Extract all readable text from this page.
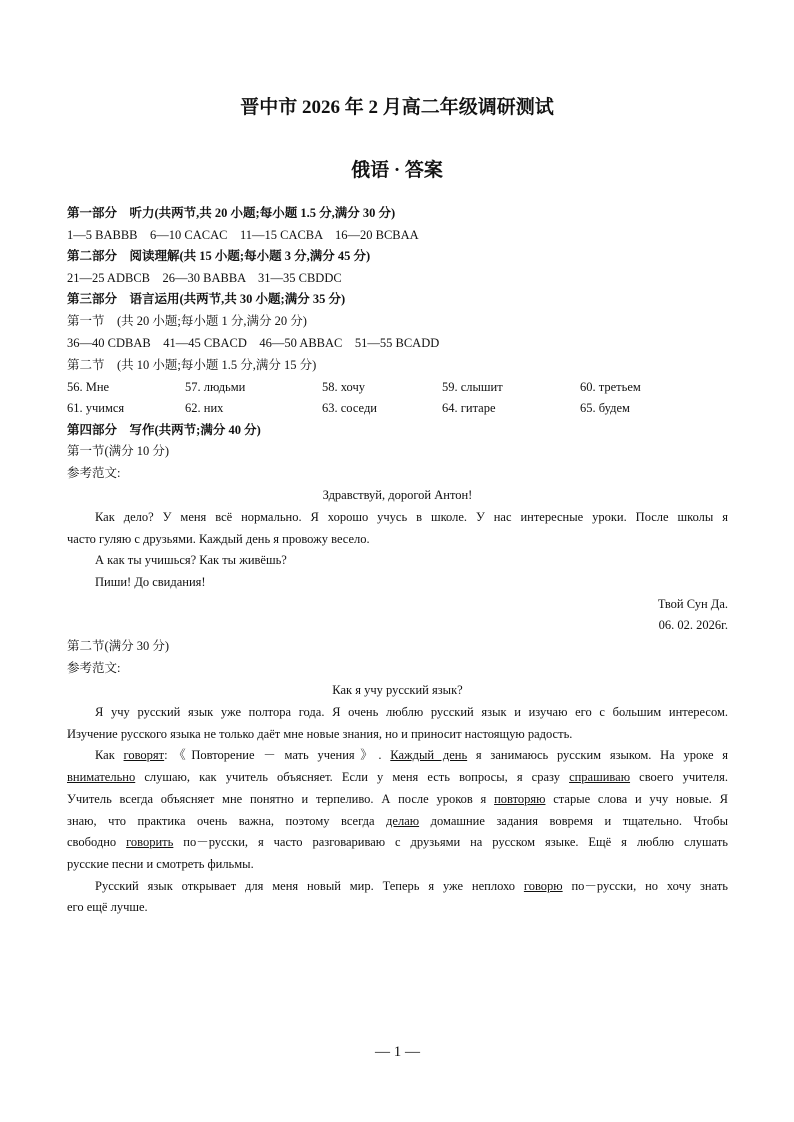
晋中市 2026 年 2 月高二年级调研测试
俄语 · 答案
第一部分　听力(共两节,共 20 小题;每小题 1.5 分,满分 30 分)
1—5 BABBB　6—10 CACAC　11—15 CACBA　16—20 BCBAA
第二部分　阅读理解(共 15 小题;每小题 3 分,满分 45 分)
21—25 ADBCB　26—30 BABBA　31—35 CBDDC
第三部分　语言运用(共两节,共 30 小题;满分 35 分)
第一节　(共 20 小题;每小题 1 分,满分 20 分)
36—40 CDBAB　41—45 CBACD　46—50 ABBAC　51—55 BCADD
第二节　(共 10 小题;每小题 1.5 分,满分 15 分)
56. Мне	57. людьми	58. хочу	59. слышит	60. третьем
61. учимся	62. них	63. соседи	64. гитаре	65. будем
第四部分　写作(共两节;满分 40 分)
第一节(满分 10 分)
参考范文:
Здравствуй, дорогой Антон!
Как дело? У меня всё нормально. Я хорошо учусь в школе. У нас интересные уроки. После школы я
часто гуляю с друзьями. Каждый день я провожу весело.
А как ты учишься? Как ты живёшь?
Пиши! До свидания!
Твой Сун Да.
06. 02. 2026г.
第二节(满分 30 分)
参考范文:
Как я учу русский язык?
Я учу русский язык уже полтора года. Я очень люблю русский язык и изучаю его с большим интересом.
Изучение русского языка не только даёт мне новые знания, но и приносит настоящую радость.
Как говорят:《Повторение － мать учения》. Каждый день я занимаюсь русским языком. На уроке я
внимательно слушаю, как учитель объясняет. Если у меня есть вопросы, я сразу спрашиваю своего учителя.
Учитель всегда объясняет мне понятно и терпеливо. А после уроков я повторяю старые слова и учу новые. Я
знаю, что практика очень важна, поэтому всегда делаю домашние задания вовремя и тщательно. Чтобы
свободно говорить по－русски, я часто разговариваю с друзьями на русском языке. Ещё я люблю слушать
русские песни и смотреть фильмы.
Русский язык открывает для меня новый мир. Теперь я уже неплохо говорю по－русски, но хочу знать
его ещё лучше.
— 1 —
